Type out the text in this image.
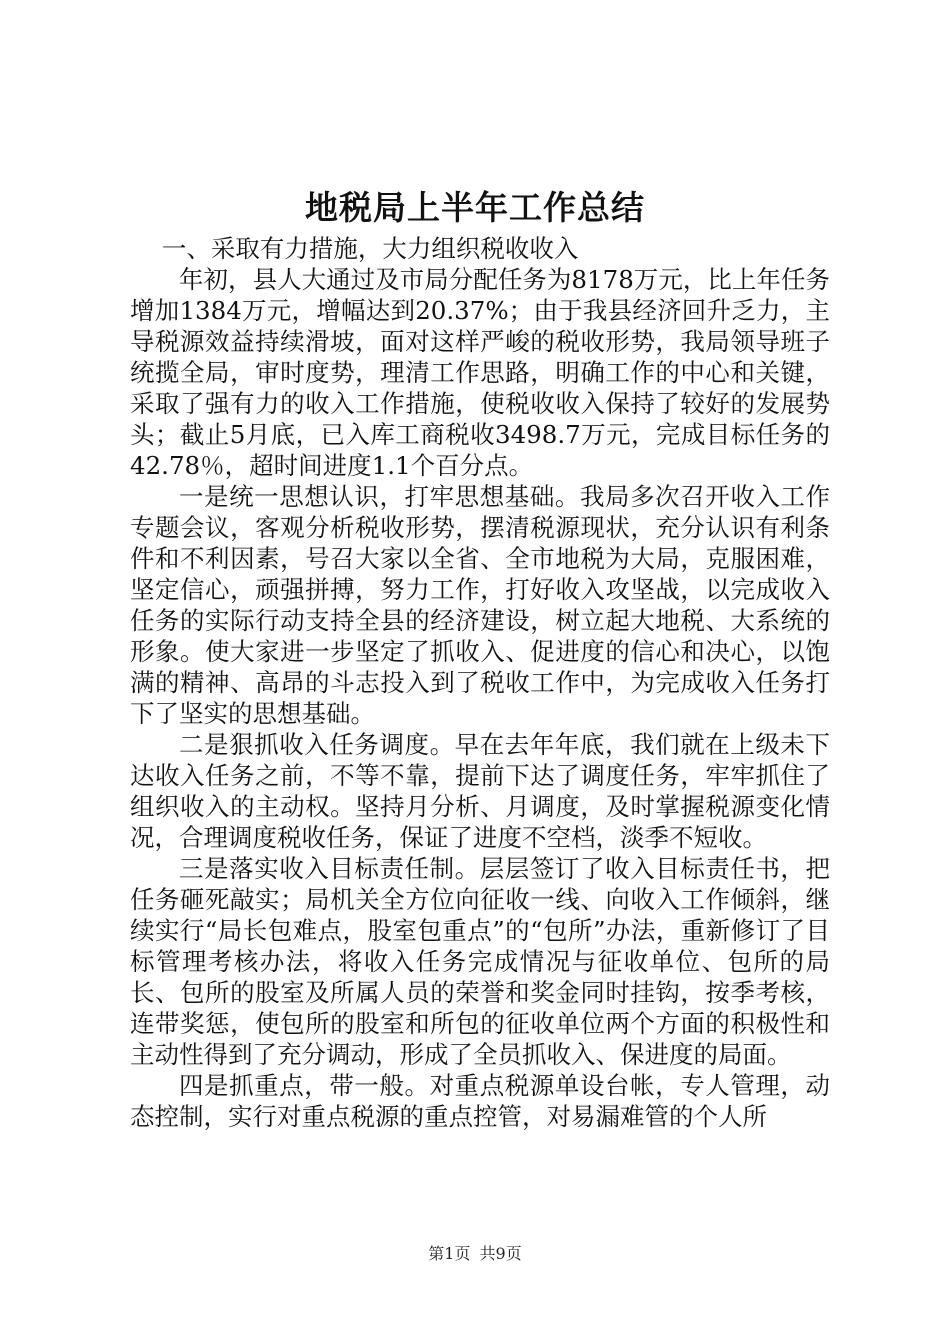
地税局上半年工作总结

一、采取有力措施，大力组织税收收入

年初，县人大通过及市局分配任务为8178万元，比上年任务增加1384万元，增幅达到20.37%；由于我县经济回升乏力，主导税源效益持续滑坡，面对这样严峻的税收形势，我局领导班子统揽全局，审时度势，理清工作思路，明确工作的中心和关键，采取了强有力的收入工作措施，使税收收入保持了较好的发展势头；截止5月底，已入库工商税收3498.7万元，完成目标任务的42.78％，超时间进度1.1个百分点。

一是统一思想认识，打牢思想基础。我局多次召开收入工作专题会议，客观分析税收形势，摆清税源现状，充分认识有利条件和不利因素，号召大家以全省、全市地税为大局，克服困难，坚定信心，顽强拼搏，努力工作，打好收入攻坚战，以完成收入任务的实际行动支持全县的经济建设，树立起大地税、大系统的形象。使大家进一步坚定了抓收入、促进度的信心和决心，以饱满的精神、高昂的斗志投入到了税收工作中，为完成收入任务打下了坚实的思想基础。

二是狠抓收入任务调度。早在去年年底，我们就在上级未下达收入任务之前，不等不靠，提前下达了调度任务，牢牢抓住了组织收入的主动权。坚持月分析、月调度，及时掌握税源变化情况，合理调度税收任务，保证了进度不空档，淡季不短收。

三是落实收入目标责任制。层层签订了收入目标责任书，把任务砸死敲实；局机关全方位向征收一线、向收入工作倾斜，继续实行“局长包难点，股室包重点”的“包所”办法，重新修订了目标管理考核办法，将收入任务完成情况与征收单位、包所的局长、包所的股室及所属人员的荣誉和奖金同时挂钩，按季考核，连带奖惩，使包所的股室和所包的征收单位两个方面的积极性和主动性得到了充分调动，形成了全员抓收入、保进度的局面。

四是抓重点，带一般。对重点税源单设台帐，专人管理，动态控制，实行对重点税源的重点控管，对易漏难管的个人所

第1页 共9页
